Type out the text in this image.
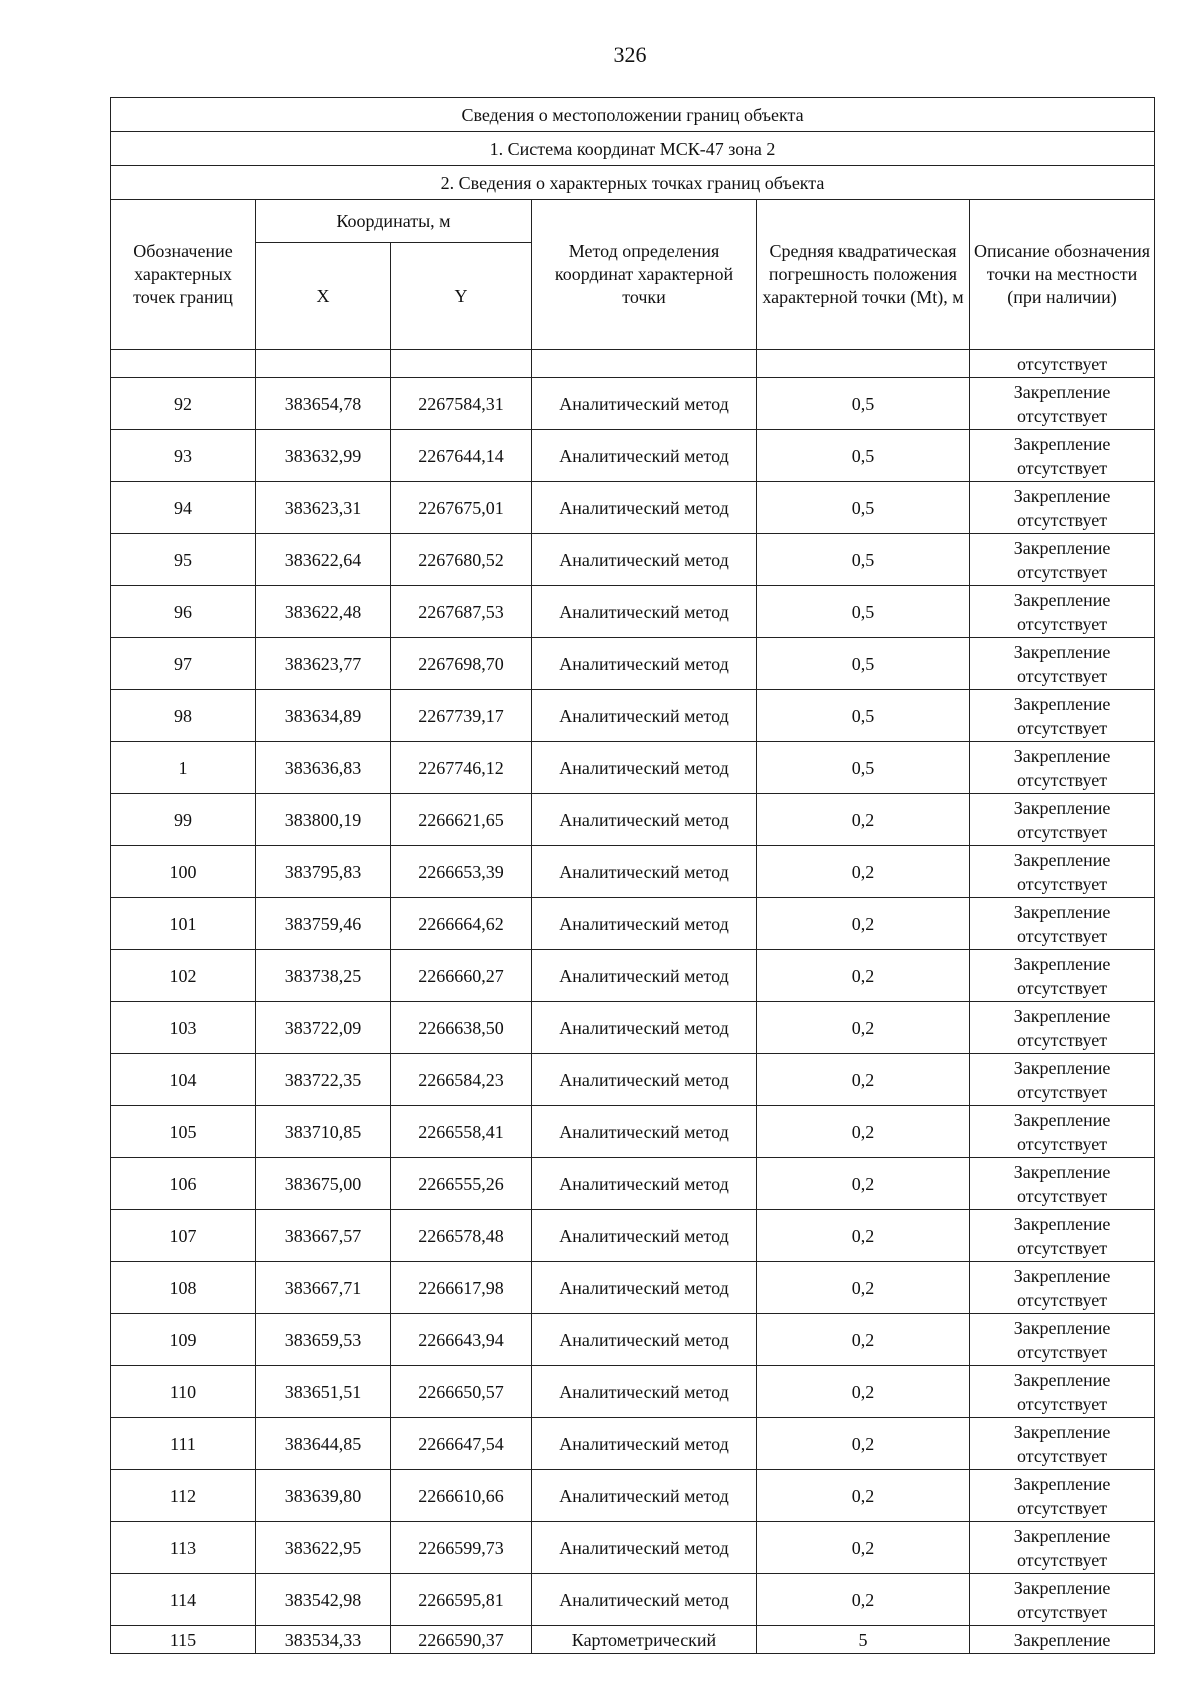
326
Сведения о местоположении границ объекта					
1. Система координат МСК-47 зона 2					
2. Сведения о характерных точках границ объекта					
Обозначение характерных точек границ	Координаты, м		Метод определения координат характерной точки	Средняя квадратическая погрешность положения характерной точки (Mt), м	Описание обозначения точки на местности (при наличии)
	X	Y			
					отсутствует
92	383654,78	2267584,31	Аналитический метод	0,5	Закрепление отсутствует
93	383632,99	2267644,14	Аналитический метод	0,5	Закрепление отсутствует
94	383623,31	2267675,01	Аналитический метод	0,5	Закрепление отсутствует
95	383622,64	2267680,52	Аналитический метод	0,5	Закрепление отсутствует
96	383622,48	2267687,53	Аналитический метод	0,5	Закрепление отсутствует
97	383623,77	2267698,70	Аналитический метод	0,5	Закрепление отсутствует
98	383634,89	2267739,17	Аналитический метод	0,5	Закрепление отсутствует
1	383636,83	2267746,12	Аналитический метод	0,5	Закрепление отсутствует
99	383800,19	2266621,65	Аналитический метод	0,2	Закрепление отсутствует
100	383795,83	2266653,39	Аналитический метод	0,2	Закрепление отсутствует
101	383759,46	2266664,62	Аналитический метод	0,2	Закрепление отсутствует
102	383738,25	2266660,27	Аналитический метод	0,2	Закрепление отсутствует
103	383722,09	2266638,50	Аналитический метод	0,2	Закрепление отсутствует
104	383722,35	2266584,23	Аналитический метод	0,2	Закрепление отсутствует
105	383710,85	2266558,41	Аналитический метод	0,2	Закрепление отсутствует
106	383675,00	2266555,26	Аналитический метод	0,2	Закрепление отсутствует
107	383667,57	2266578,48	Аналитический метод	0,2	Закрепление отсутствует
108	383667,71	2266617,98	Аналитический метод	0,2	Закрепление отсутствует
109	383659,53	2266643,94	Аналитический метод	0,2	Закрепление отсутствует
110	383651,51	2266650,57	Аналитический метод	0,2	Закрепление отсутствует
111	383644,85	2266647,54	Аналитический метод	0,2	Закрепление отсутствует
112	383639,80	2266610,66	Аналитический метод	0,2	Закрепление отсутствует
113	383622,95	2266599,73	Аналитический метод	0,2	Закрепление отсутствует
114	383542,98	2266595,81	Аналитический метод	0,2	Закрепление отсутствует
115	383534,33	2266590,37	Картометрический	5	Закрепление
